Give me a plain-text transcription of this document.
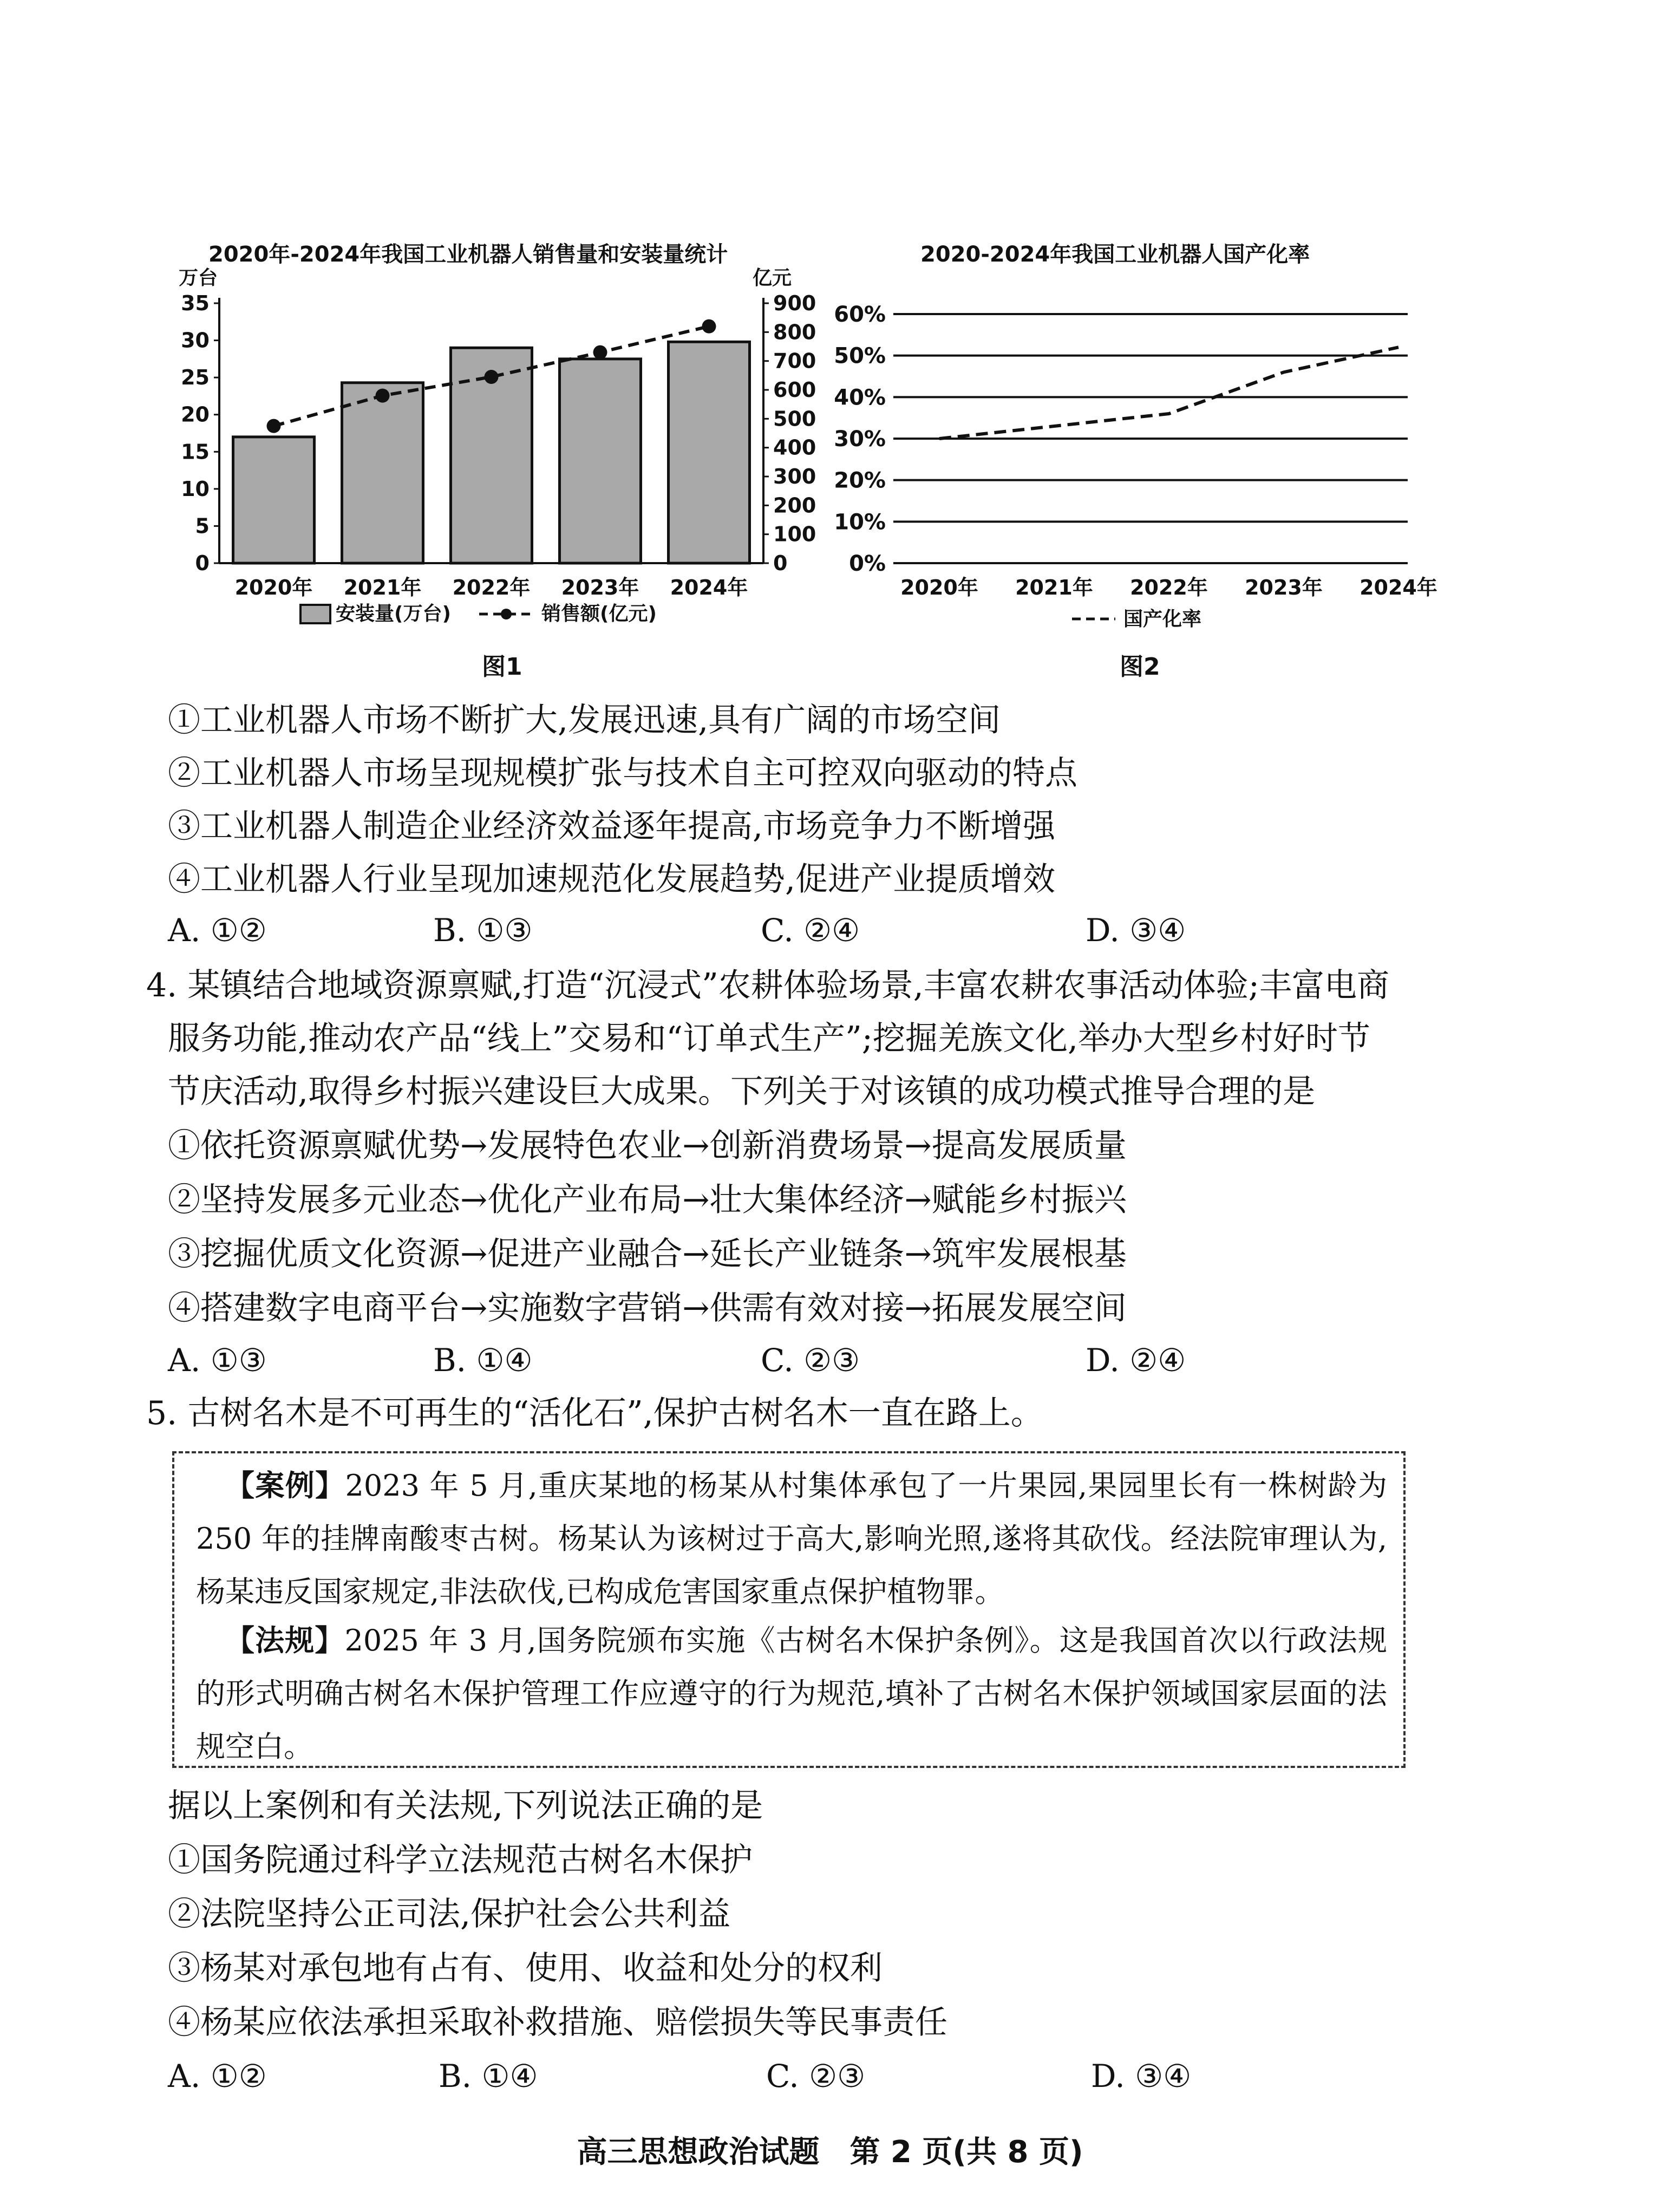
2020年-2024年我国工业机器人销售量和安装量统计
万台	亿元
0
5
10
15
20
25
30
35
0
100
200
300
400
500
600
700
800
900
2020年 2021年 2022年 2023年 2024年
安装量(万台)	销售额(亿元)
图1
2020-2024年我国工业机器人国产化率
0%
10%
20%
30%
40%
50%
60%
2020年 2021年 2022年 2023年 2024年
国产化率
图2
①工业机器人市场不断扩大,发展迅速,具有广阔的市场空间
②工业机器人市场呈现规模扩张与技术自主可控双向驱动的特点
③工业机器人制造企业经济效益逐年提高,市场竞争力不断增强
④工业机器人行业呈现加速规范化发展趋势,促进产业提质增效
A. ①②	B. ①③	C. ②④	D. ③④
4. 某镇结合地域资源禀赋,打造“沉浸式”农耕体验场景,丰富农耕农事活动体验;丰富电商
服务功能,推动农产品“线上”交易和“订单式生产”;挖掘羌族文化,举办大型乡村好时节
节庆活动,取得乡村振兴建设巨大成果。下列关于对该镇的成功模式推导合理的是
①依托资源禀赋优势→发展特色农业→创新消费场景→提高发展质量
②坚持发展多元业态→优化产业布局→壮大集体经济→赋能乡村振兴
③挖掘优质文化资源→促进产业融合→延长产业链条→筑牢发展根基
④搭建数字电商平台→实施数字营销→供需有效对接→拓展发展空间
A. ①③	B. ①④	C. ②③	D. ②④
5. 古树名木是不可再生的“活化石”,保护古树名木一直在路上。
【案例】2023 年 5 月,重庆某地的杨某从村集体承包了一片果园,果园里长有一株树龄为 250 年的挂牌南酸枣古树。杨某认为该树过于高大,影响光照,遂将其砍伐。经法院审理认为,杨某违反国家规定,非法砍伐,已构成危害国家重点保护植物罪。
【法规】2025 年 3 月,国务院颁布实施《古树名木保护条例》。这是我国首次以行政法规的形式明确古树名木保护管理工作应遵守的行为规范,填补了古树名木保护领域国家层面的法规空白。
据以上案例和有关法规,下列说法正确的是
①国务院通过科学立法规范古树名木保护
②法院坚持公正司法,保护社会公共利益
③杨某对承包地有占有、使用、收益和处分的权利
④杨某应依法承担采取补救措施、赔偿损失等民事责任
A. ①②	B. ①④	C. ②③	D. ③④
高三思想政治试题　第 2 页(共 8 页)
